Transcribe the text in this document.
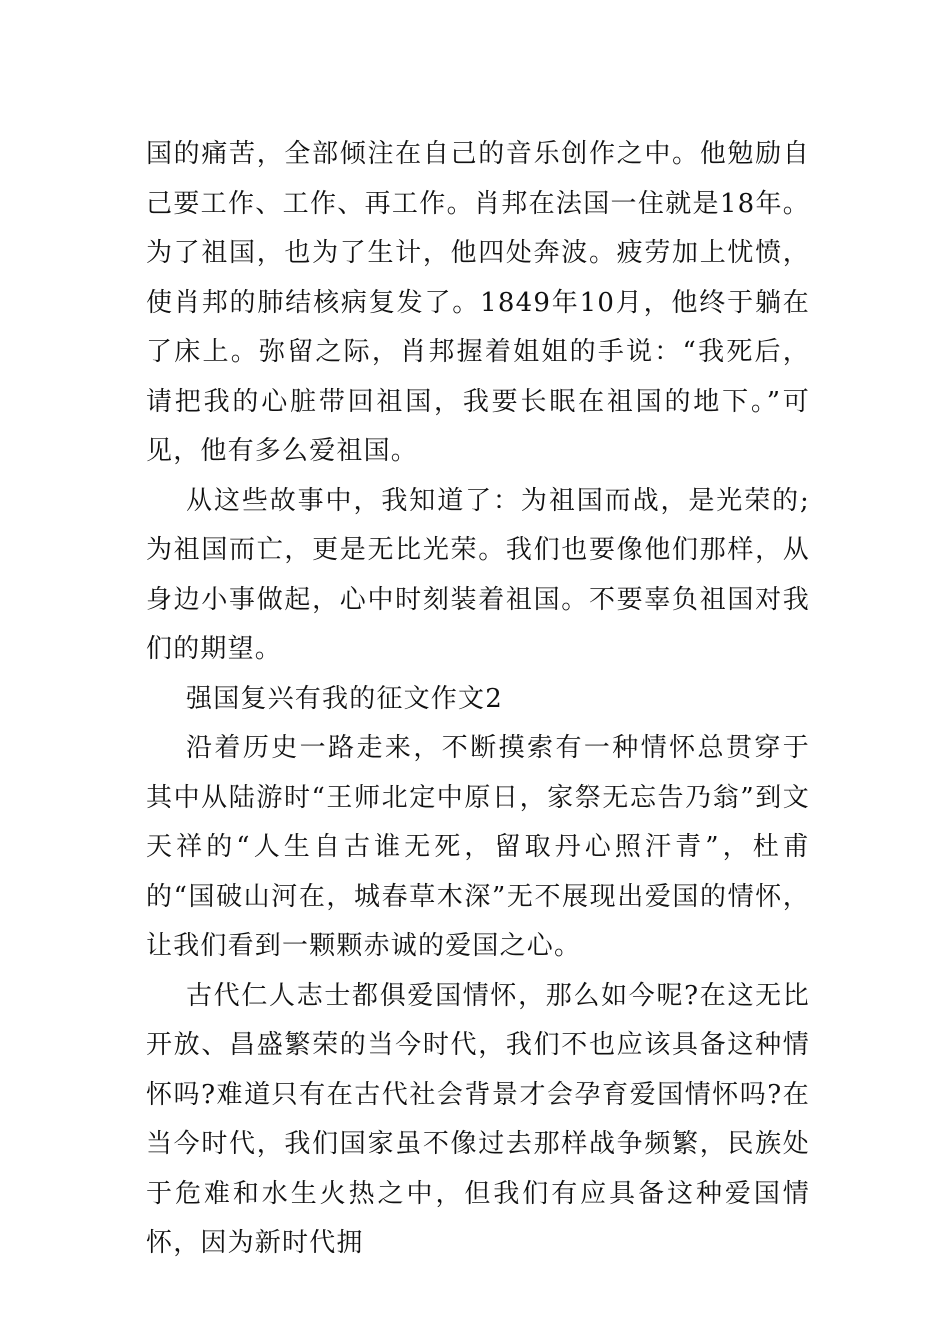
国的痛苦，全部倾注在自己的音乐创作之中。他勉励自己要工作、工作、再工作。肖邦在法国一住就是18年。为了祖国，也为了生计，他四处奔波。疲劳加上忧愤，使肖邦的肺结核病复发了。1849年10月，他终于躺在了床上。弥留之际，肖邦握着姐姐的手说：“我死后，请把我的心脏带回祖国，我要长眠在祖国的地下。”可见，他有多么爱祖国。

从这些故事中，我知道了：为祖国而战，是光荣的;为祖国而亡，更是无比光荣。我们也要像他们那样，从身边小事做起，心中时刻装着祖国。不要辜负祖国对我们的期望。

强国复兴有我的征文作文2

沿着历史一路走来，不断摸索有一种情怀总贯穿于其中从陆游时“王师北定中原日，家祭无忘告乃翁”到文天祥的“人生自古谁无死，留取丹心照汗青”，杜甫的“国破山河在，城春草木深”无不展现出爱国的情怀，让我们看到一颗颗赤诚的爱国之心。

古代仁人志士都俱爱国情怀，那么如今呢?在这无比开放、昌盛繁荣的当今时代，我们不也应该具备这种情怀吗?难道只有在古代社会背景才会孕育爱国情怀吗?在当今时代，我们国家虽不像过去那样战争频繁，民族处于危难和水生火热之中，但我们有应具备这种爱国情怀，因为新时代拥
